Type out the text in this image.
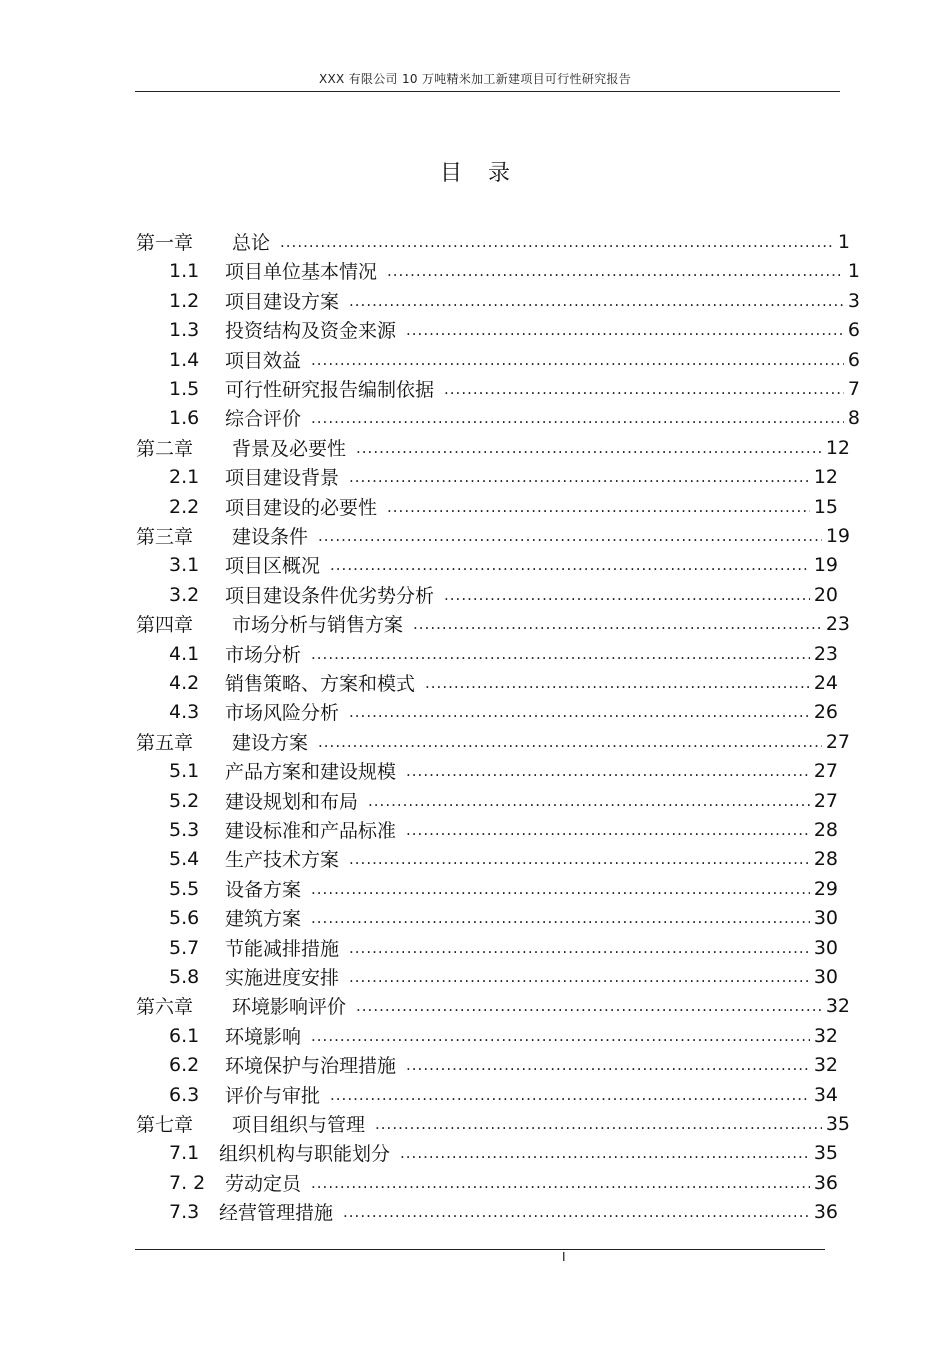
XXX 有限公司 10 万吨精米加工新建项目可行性研究报告
目录
第一章	总论 .....	1
1.1	项目单位基本情况 .....	1
1.2	项目建设方案 .....	3
1.3	投资结构及资金来源 .....	6
1.4	项目效益 .....	6
1.5	可行性研究报告编制依据 .....	7
1.6	综合评价 .....	8
第二章	背景及必要性 .....	12
2.1	项目建设背景 .....	12
2.2	项目建设的必要性 .....	15
第三章	建设条件 .....	19
3.1	项目区概况 .....	19
3.2	项目建设条件优劣势分析 .....	20
第四章	市场分析与销售方案 .....	23
4.1	市场分析 .....	23
4.2	销售策略、方案和模式 .....	24
4.3	市场风险分析 .....	26
第五章	建设方案 .....	27
5.1	产品方案和建设规模 .....	27
5.2	建设规划和布局 .....	27
5.3	建设标准和产品标准 .....	28
5.4	生产技术方案 .....	28
5.5	设备方案 .....	29
5.6	建筑方案 .....	30
5.7	节能减排措施 .....	30
5.8	实施进度安排 .....	30
第六章	环境影响评价 .....	32
6.1	环境影响 .....	32
6.2	环境保护与治理措施 .....	32
6.3	评价与审批 .....	34
第七章	项目组织与管理 .....	35
7.1	组织机构与职能划分 .....	35
7. 2	劳动定员 .....	36
7.3	经营管理措施 .....	36
I
